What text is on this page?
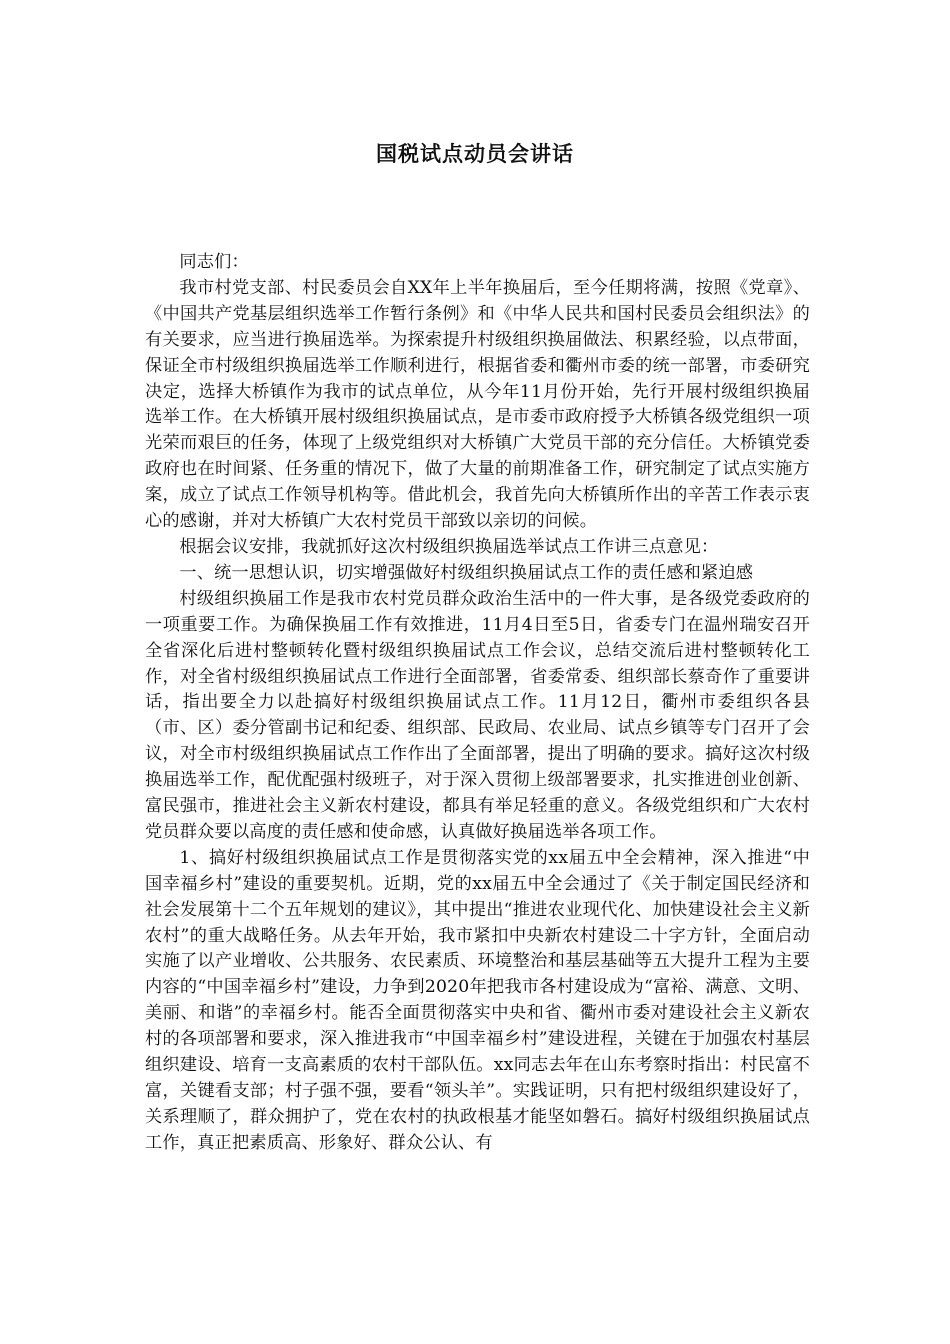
国税试点动员会讲话

同志们：

我市村党支部、村民委员会自XX年上半年换届后，至今任期将满，按照《党章》、《中国共产党基层组织选举工作暂行条例》和《中华人民共和国村民委员会组织法》的有关要求，应当进行换届选举。为探索提升村级组织换届做法、积累经验，以点带面，保证全市村级组织换届选举工作顺利进行，根据省委和衢州市委的统一部署，市委研究决定，选择大桥镇作为我市的试点单位，从今年11月份开始，先行开展村级组织换届选举工作。在大桥镇开展村级组织换届试点，是市委市政府授予大桥镇各级党组织一项光荣而艰巨的任务，体现了上级党组织对大桥镇广大党员干部的充分信任。大桥镇党委政府也在时间紧、任务重的情况下，做了大量的前期准备工作，研究制定了试点实施方案，成立了试点工作领导机构等。借此机会，我首先向大桥镇所作出的辛苦工作表示衷心的感谢，并对大桥镇广大农村党员干部致以亲切的问候。

根据会议安排，我就抓好这次村级组织换届选举试点工作讲三点意见：

一、统一思想认识，切实增强做好村级组织换届试点工作的责任感和紧迫感

村级组织换届工作是我市农村党员群众政治生活中的一件大事，是各级党委政府的一项重要工作。为确保换届工作有效推进，11月4日至5日，省委专门在温州瑞安召开全省深化后进村整顿转化暨村级组织换届试点工作会议，总结交流后进村整顿转化工作，对全省村级组织换届试点工作进行全面部署，省委常委、组织部长蔡奇作了重要讲话，指出要全力以赴搞好村级组织换届试点工作。11月12日，衢州市委组织各县（市、区）委分管副书记和纪委、组织部、民政局、农业局、试点乡镇等专门召开了会议，对全市村级组织换届试点工作作出了全面部署，提出了明确的要求。搞好这次村级换届选举工作，配优配强村级班子，对于深入贯彻上级部署要求，扎实推进创业创新、富民强市，推进社会主义新农村建设，都具有举足轻重的意义。各级党组织和广大农村党员群众要以高度的责任感和使命感，认真做好换届选举各项工作。

1、搞好村级组织换届试点工作是贯彻落实党的xx届五中全会精神，深入推进“中国幸福乡村”建设的重要契机。近期，党的xx届五中全会通过了《关于制定国民经济和社会发展第十二个五年规划的建议》，其中提出“推进农业现代化、加快建设社会主义新农村”的重大战略任务。从去年开始，我市紧扣中央新农村建设二十字方针，全面启动实施了以产业增收、公共服务、农民素质、环境整治和基层基础等五大提升工程为主要内容的“中国幸福乡村”建设，力争到2020年把我市各村建设成为“富裕、满意、文明、美丽、和谐”的幸福乡村。能否全面贯彻落实中央和省、衢州市委对建设社会主义新农村的各项部署和要求，深入推进我市“中国幸福乡村”建设进程，关键在于加强农村基层组织建设、培育一支高素质的农村干部队伍。xx同志去年在山东考察时指出：村民富不富，关键看支部；村子强不强，要看“领头羊”。实践证明，只有把村级组织建设好了，关系理顺了，群众拥护了，党在农村的执政根基才能坚如磐石。搞好村级组织换届试点工作，真正把素质高、形象好、群众公认、有
